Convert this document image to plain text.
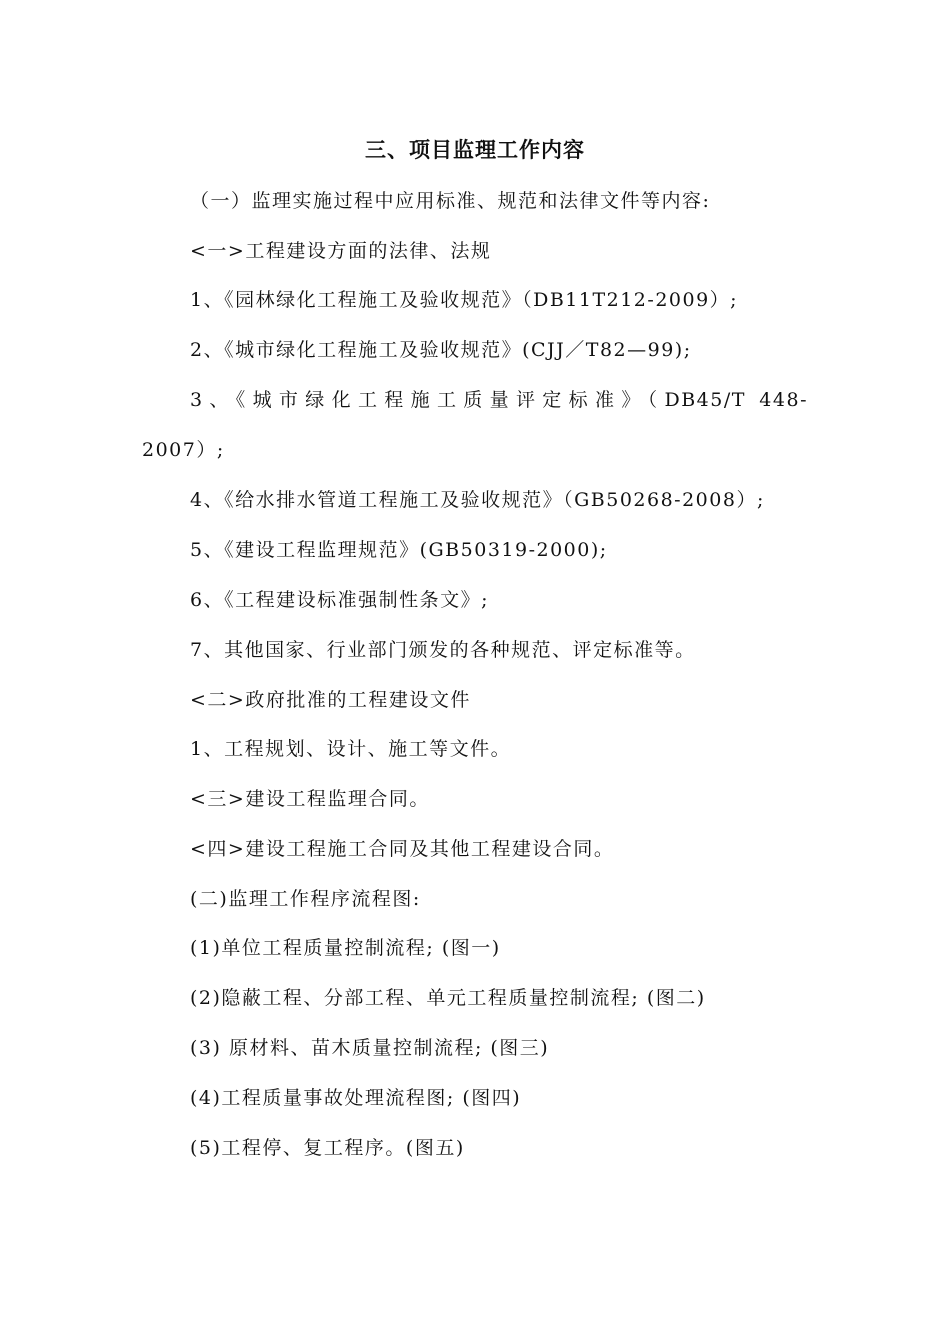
三、项目监理工作内容
（一）监理实施过程中应用标准、规范和法律文件等内容:
<一>工程建设方面的法律、法规
1、《园林绿化工程施工及验收规范》（DB11T212-2009）;
2、《城市绿化工程施工及验收规范》(CJJ／T82—99);
3、《城市绿化工程施工质量评定标准》（DB45/T 448-
2007）;
4、《给水排水管道工程施工及验收规范》（GB50268-2008）;
5、《建设工程监理规范》(GB50319-2000);
6、《工程建设标准强制性条文》;
7、其他国家、行业部门颁发的各种规范、评定标准等。
<二>政府批准的工程建设文件
1、工程规划、设计、施工等文件。
<三>建设工程监理合同。
<四>建设工程施工合同及其他工程建设合同。
(二)监理工作程序流程图:
(1)单位工程质量控制流程; (图一)
(2)隐蔽工程、分部工程、单元工程质量控制流程; (图二)
(3) 原材料、苗木质量控制流程; (图三)
(4)工程质量事故处理流程图; (图四)
(5)工程停、复工程序。(图五)
